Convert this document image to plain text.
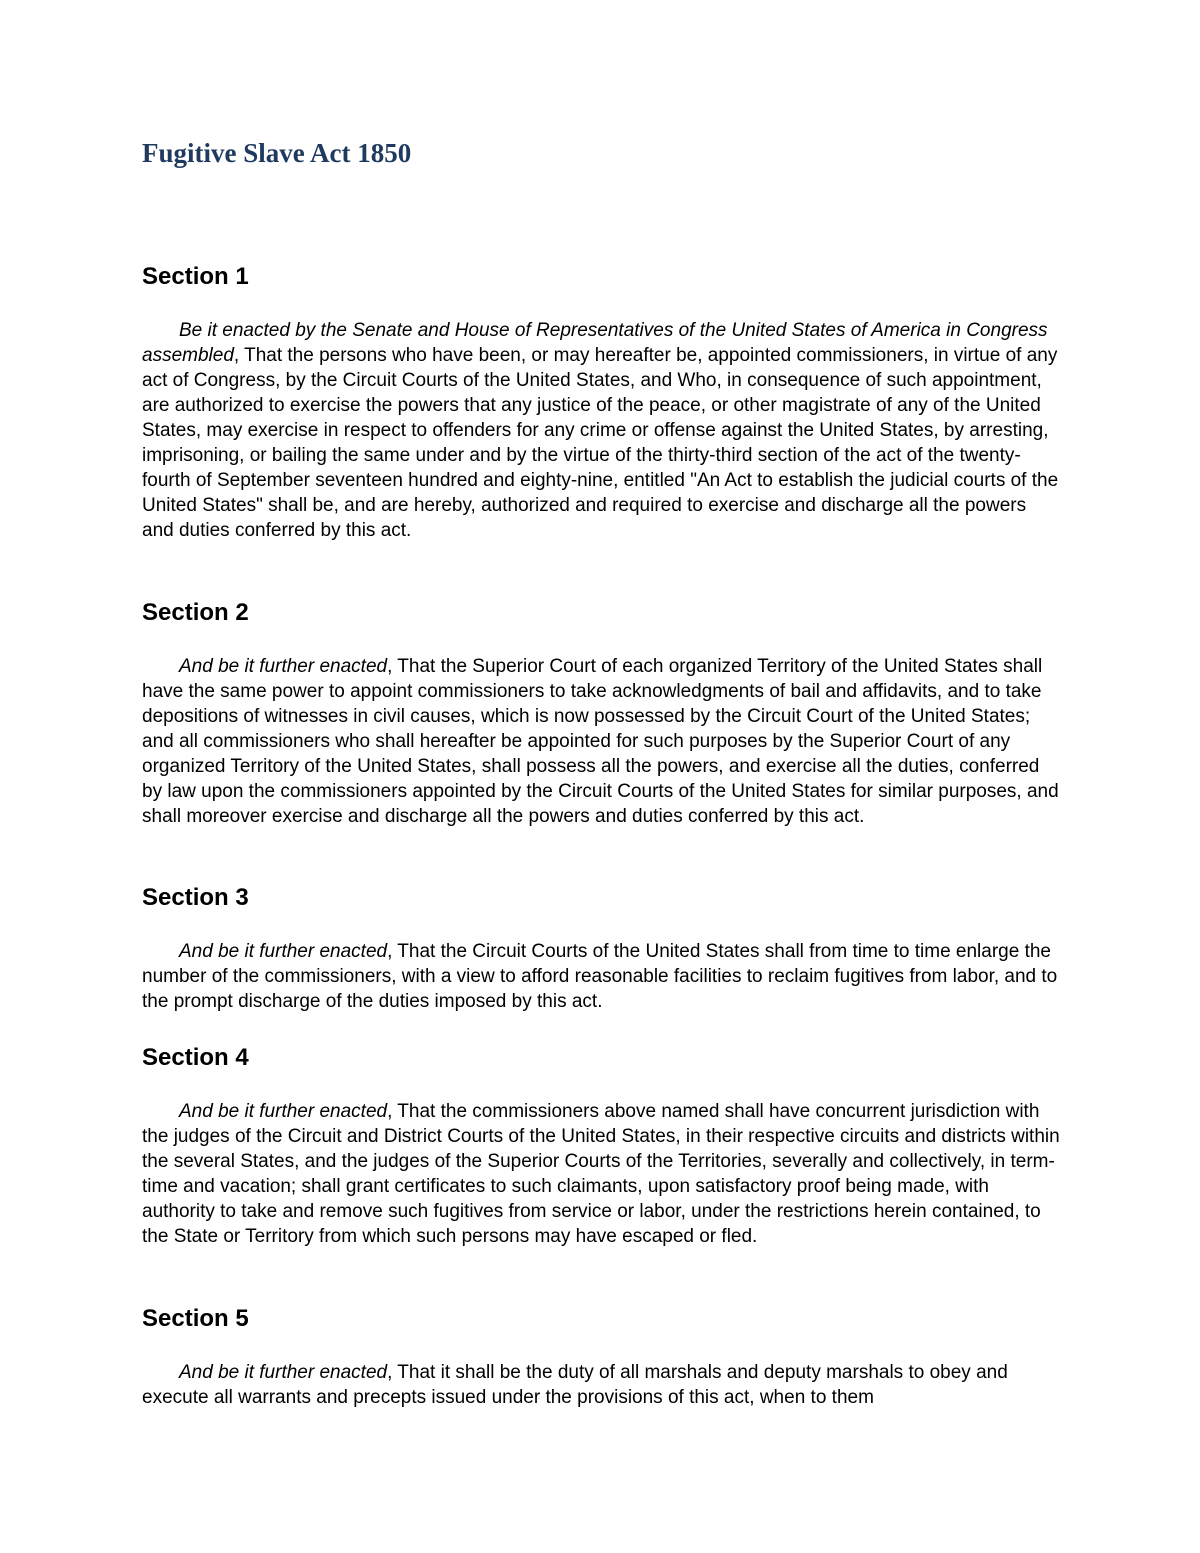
Fugitive Slave Act 1850
Section 1

Be it enacted by the Senate and House of Representatives of the United States of America in Congress assembled, That the persons who have been, or may hereafter be, appointed commissioners, in virtue of any act of Congress, by the Circuit Courts of the United States, and Who, in consequence of such appointment, are authorized to exercise the powers that any justice of the peace, or other magistrate of any of the United States, may exercise in respect to offenders for any crime or offense against the United States, by arresting, imprisoning, or bailing the same under and by the virtue of the thirty-third section of the act of the twenty-fourth of September seventeen hundred and eighty-nine, entitled "An Act to establish the judicial courts of the United States" shall be, and are hereby, authorized and required to exercise and discharge all the powers and duties conferred by this act.

Section 2

And be it further enacted, That the Superior Court of each organized Territory of the United States shall have the same power to appoint commissioners to take acknowledgments of bail and affidavits, and to take depositions of witnesses in civil causes, which is now possessed by the Circuit Court of the United States; and all commissioners who shall hereafter be appointed for such purposes by the Superior Court of any organized Territory of the United States, shall possess all the powers, and exercise all the duties, conferred by law upon the commissioners appointed by the Circuit Courts of the United States for similar purposes, and shall moreover exercise and discharge all the powers and duties conferred by this act.

Section 3

And be it further enacted, That the Circuit Courts of the United States shall from time to time enlarge the number of the commissioners, with a view to afford reasonable facilities to reclaim fugitives from labor, and to the prompt discharge of the duties imposed by this act.

Section 4

And be it further enacted, That the commissioners above named shall have concurrent jurisdiction with the judges of the Circuit and District Courts of the United States, in their respective circuits and districts within the several States, and the judges of the Superior Courts of the Territories, severally and collectively, in term-time and vacation; shall grant certificates to such claimants, upon satisfactory proof being made, with authority to take and remove such fugitives from service or labor, under the restrictions herein contained, to the State or Territory from which such persons may have escaped or fled.

Section 5

And be it further enacted, That it shall be the duty of all marshals and deputy marshals to obey and execute all warrants and precepts issued under the provisions of this act, when to them
